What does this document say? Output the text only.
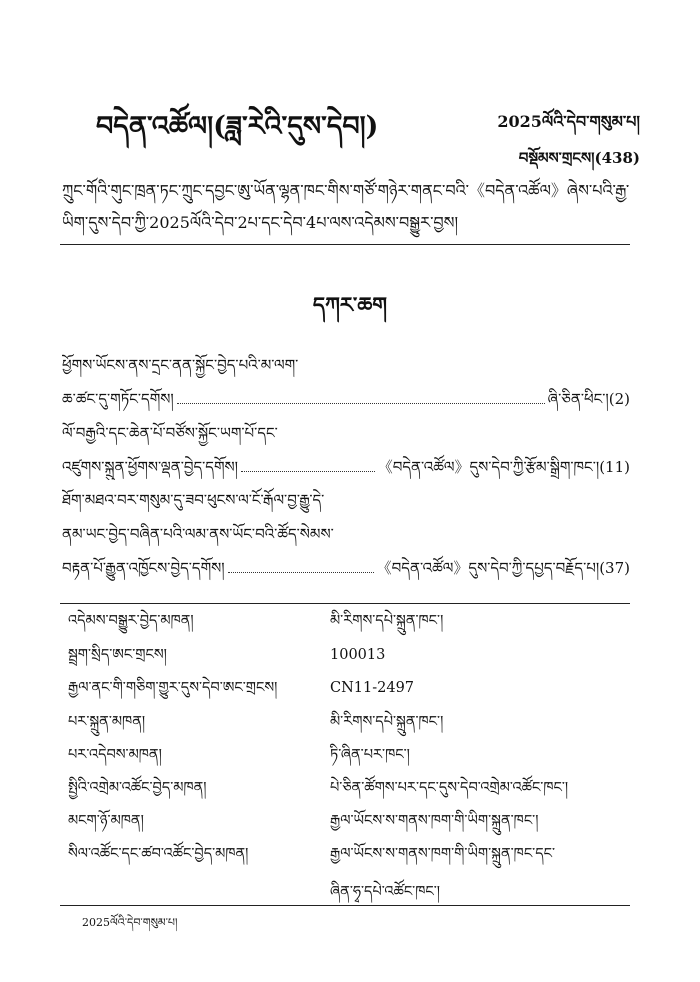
བདེན་འཚོལ།(ཟླ་རེའི་དུས་དེབ།)	2025ལོའི་དེབ་གསུམ་པ།
བསྡོམས་གྲངས།(438)
ཀྲུང་གོའི་གུང་ཁྲན་ཏང་ཀྲུང་དབྱང་ཨུ་ཡོན་ལྷན་ཁང་གིས་གཙོ་གཉེར་གནང་བའི་《བདེན་འཚོལ》ཞེས་པའི་རྒྱ་ཡིག་དུས་དེབ་ཀྱི་2025ལོའི་དེབ་2པ་དང་དེབ་4པ་ལས་འདེམས་བསྒྱུར་བྱས།
དཀར་ཆག
ཕྱོགས་ཡོངས་ནས་དྲང་ནན་སྐྱོང་བྱེད་པའི་མ་ལག་
ཆ་ཚང་དུ་གཏོང་དགོས།	ཞི་ཅིན་ཕིང་།(2)
ལོ་བརྒྱའི་དང་ཆེན་པོ་བཙོས་སྐྱོང་ཡག་པོ་དང་
འཛུགས་སྐྲུན་ཕྱོགས་ལྡན་བྱེད་དགོས།	《བདེན་འཚོལ》དུས་དེབ་ཀྱི་རྩོམ་སྒྲིག་ཁང་།(11)
ཐོག་མཐའ་བར་གསུམ་དུ་ཟབ་ཕུངས་ལ་ངོ་རྒོལ་བྱ་རྒྱུ་དེ་
ནམ་ཡང་བྱེད་བཞིན་པའི་ལམ་ནས་ཡོང་བའི་ཚོད་སེམས་
བརྟན་པོ་རྒྱུན་འཁྱོངས་བྱེད་དགོས།	《བདེན་འཚོལ》དུས་དེབ་ཀྱི་དཔྱད་བརྗོད་པ།(37)
འདེམས་བསྒྱུར་བྱེད་མཁན།	མི་རིགས་དཔེ་སྐྲུན་ཁང་།
སྦྲག་སྲིད་ཨང་གྲངས།	100013
རྒྱལ་ནང་གི་གཅིག་གྱུར་དུས་དེབ་ཨང་གྲངས།	CN11-2497
པར་སྐྲུན་མཁན།	མི་རིགས་དཔེ་སྐྲུན་ཁང་།
པར་འདེབས་མཁན།	ཏི་ཞིན་པར་ཁང་།
སྤྱིའི་འགྲེམ་འཚོང་བྱེད་མཁན།	པེ་ཅིན་ཚོགས་པར་དང་དུས་དེབ་འགྲེམ་འཚོང་ཁང་།
མངག་ཉོ་མཁན།	རྒྱལ་ཡོངས་ས་གནས་ཁག་གི་ཡིག་སྐྲུན་ཁང་།
སིལ་འཚོང་དང་ཚབ་འཚོང་བྱེད་མཁན།	རྒྱལ་ཡོངས་ས་གནས་ཁག་གི་ཡིག་སྐྲུན་ཁང་དང་
ཞིན་ཧྭ་དཔེ་འཚོང་ཁང་།
2025ལོའི་དེབ་གསུམ་པ།
